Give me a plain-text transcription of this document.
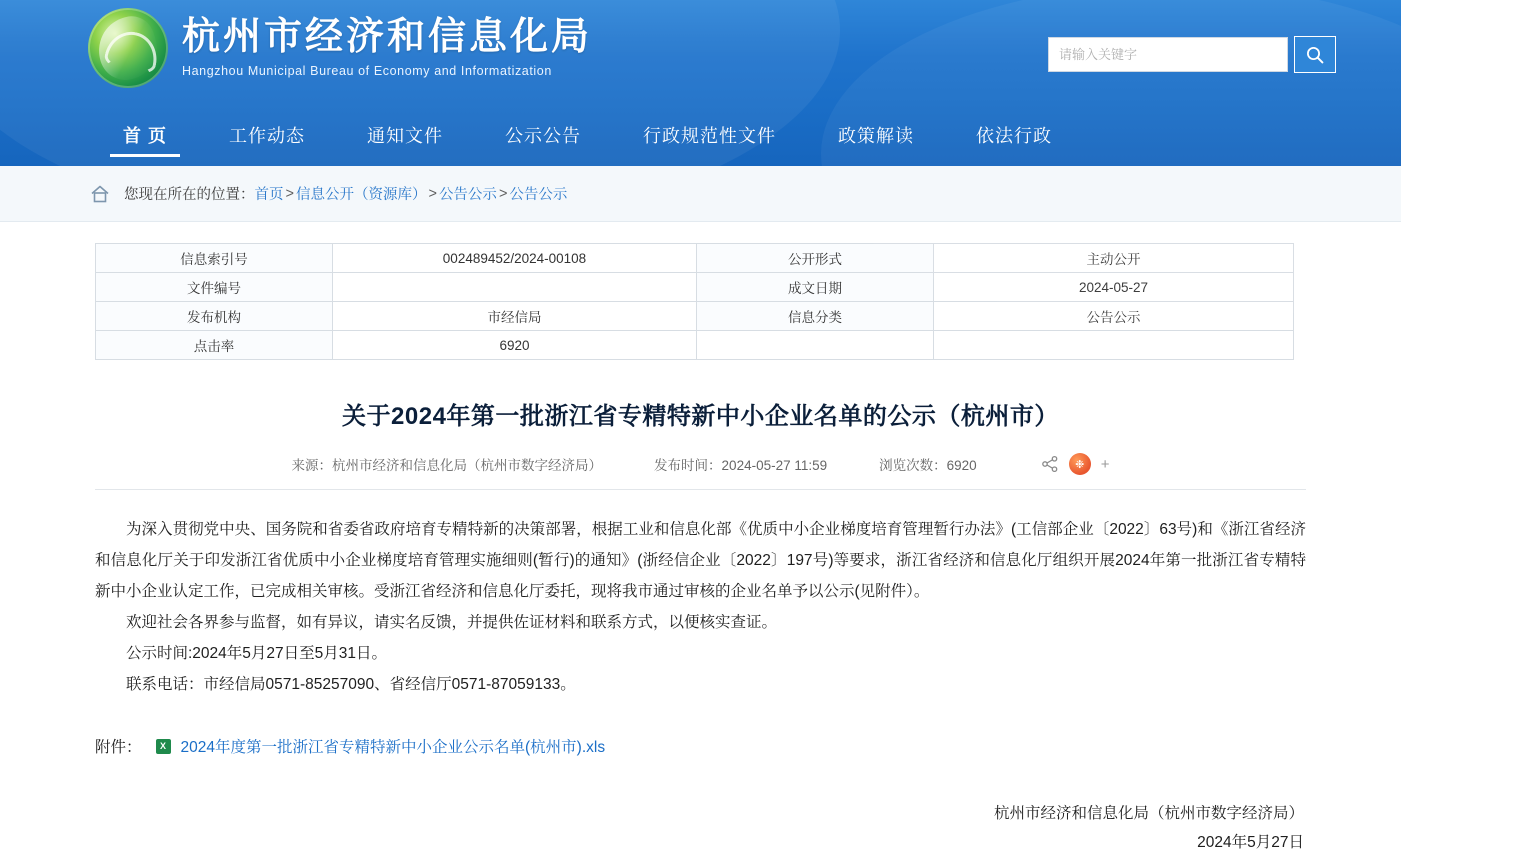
杭州市经济和信息化局
Hangzhou Municipal Bureau of Economy and Informatization
请输入关键字
首 页	工作动态	通知文件	公示公告	行政规范性文件	政策解读	依法行政
您现在所在的位置： 首页 > 信息公开（资源库） > 公告公示 > 公告公示
信息索引号	002489452/2024-00108	公开形式	主动公开
文件编号		成文日期	2024-05-27
发布机构	市经信局	信息分类	公告公示
点击率	6920		
关于2024年第一批浙江省专精特新中小企业名单的公示（杭州市）
来源：杭州市经济和信息化局（杭州市数字经济局）	发布时间：2024-05-27 11:59	浏览次数：6920	❉	+

为深入贯彻党中央、国务院和省委省政府培育专精特新的决策部署，根据工业和信息化部《优质中小企业梯度培育管理暂行办法》(工信部企业〔2022〕63号)和《浙江省经济和信息化厅关于印发浙江省优质中小企业梯度培育管理实施细则(暂行)的通知》(浙经信企业〔2022〕197号)等要求，浙江省经济和信息化厅组织开展2024年第一批浙江省专精特新中小企业认定工作，已完成相关审核。受浙江省经济和信息化厅委托，现将我市通过审核的企业名单予以公示(见附件）。

欢迎社会各界参与监督，如有异议，请实名反馈，并提供佐证材料和联系方式，以便核实查证。

公示时间:2024年5月27日至5月31日。

联系电话：市经信局0571-85257090、省经信厅0571-87059133。

附件：	X 2024年度第一批浙江省专精特新中小企业公示名单(杭州市).xls
杭州市经济和信息化局（杭州市数字经济局）
2024年5月27日
